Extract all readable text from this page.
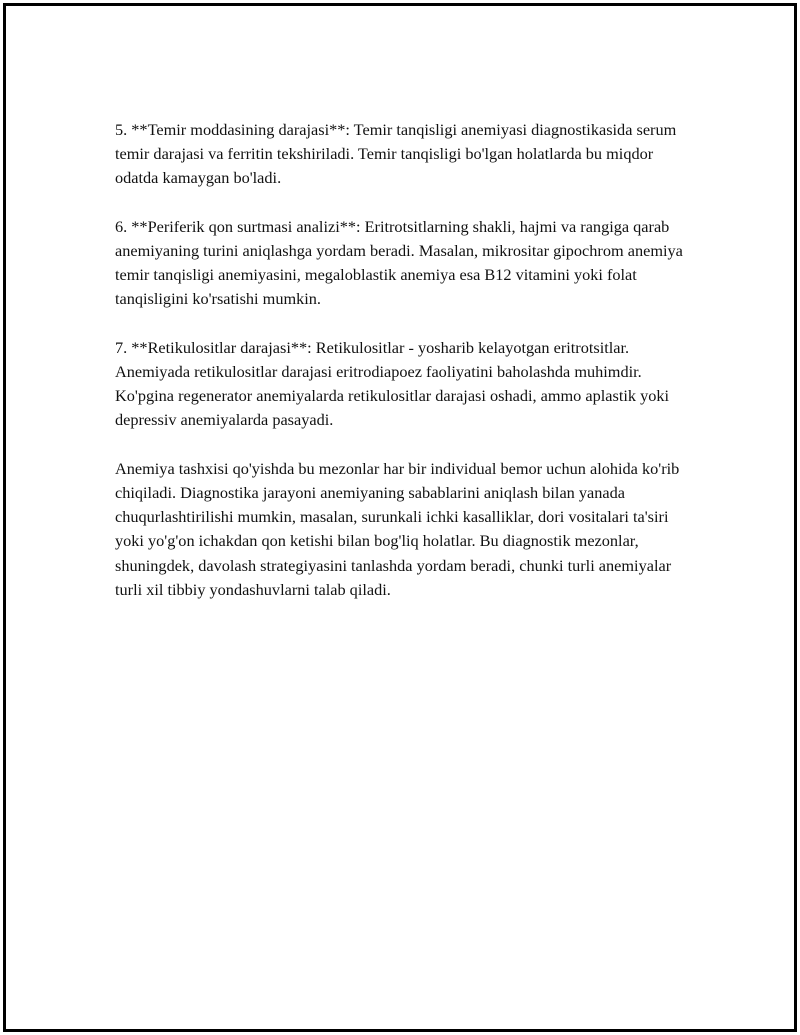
5. **Temir moddasining darajasi**: Temir tanqisligi anemiyasi diagnostikasida serum temir darajasi va ferritin tekshiriladi. Temir tanqisligi bo'lgan holatlarda bu miqdor odatda kamaygan bo'ladi.

6. **Periferik qon surtmasi analizi**: Eritrotsitlarning shakli, hajmi va rangiga qarab anemiyaning turini aniqlashga yordam beradi. Masalan, mikrositar gipochrom anemiya temir tanqisligi anemiyasini, megaloblastik anemiya esa B12 vitamini yoki folat tanqisligini ko'rsatishi mumkin.

7. **Retikulositlar darajasi**: Retikulositlar - yosharib kelayotgan eritrotsitlar. Anemiyada retikulositlar darajasi eritrodiapoez faoliyatini baholashda muhimdir. Ko'pgina regenerator anemiyalarda retikulositlar darajasi oshadi, ammo aplastik yoki depressiv anemiyalarda pasayadi.

Anemiya tashxisi qo'yishda bu mezonlar har bir individual bemor uchun alohida ko'rib chiqiladi. Diagnostika jarayoni anemiyaning sabablarini aniqlash bilan yanada chuqurlashtirilishi mumkin, masalan, surunkali ichki kasalliklar, dori vositalari ta'siri yoki yo'g'on ichakdan qon ketishi bilan bog'liq holatlar. Bu diagnostik mezonlar, shuningdek, davolash strategiyasini tanlashda yordam beradi, chunki turli anemiyalar turli xil tibbiy yondashuvlarni talab qiladi.
